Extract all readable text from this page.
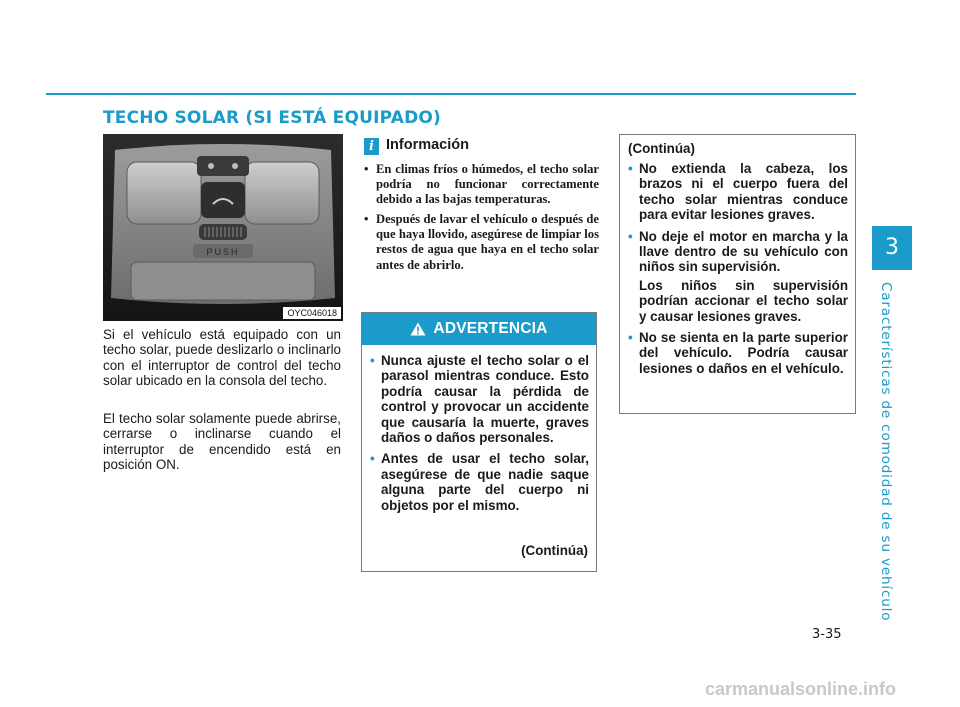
TECHO SOLAR (SI ESTÁ EQUIPADO)
PUSH
OYC046018

Si el vehículo está equipado con un techo solar, puede deslizarlo o inclinarlo con el interruptor de control del techo solar ubicado en la consola del techo.

El techo solar solamente puede abrirse, cerrarse o inclinarse cuando el interruptor de encendido está en posición ON.

i Información
• En climas fríos o húmedos, el techo solar podría no funcionar correctamente debido a las bajas temperaturas.
• Después de lavar el vehículo o después de que haya llovido, asegúrese de limpiar los restos de agua que haya en el techo solar antes de abrirlo.
ADVERTENCIA
• Nunca ajuste el techo solar o el parasol mientras conduce. Esto podría causar la pérdida de control y provocar un accidente que causaría la muerte, graves daños o daños personales.
• Antes de usar el techo solar, asegúrese de que nadie saque alguna parte del cuerpo ni objetos por el mismo.

(Continúa)

(Continúa)

• No extienda la cabeza, los brazos ni el cuerpo fuera del techo solar mientras conduce para evitar lesiones graves.
• No deje el motor en marcha y la llave dentro de su vehículo con niños sin supervisión.

Los niños sin supervisión podrían accionar el techo solar y causar lesiones graves.

• No se sienta en la parte superior del vehículo. Podría causar lesiones o daños en el vehículo.
3
Características de comodidad de su vehículo

3-35

carmanualsonline.info
